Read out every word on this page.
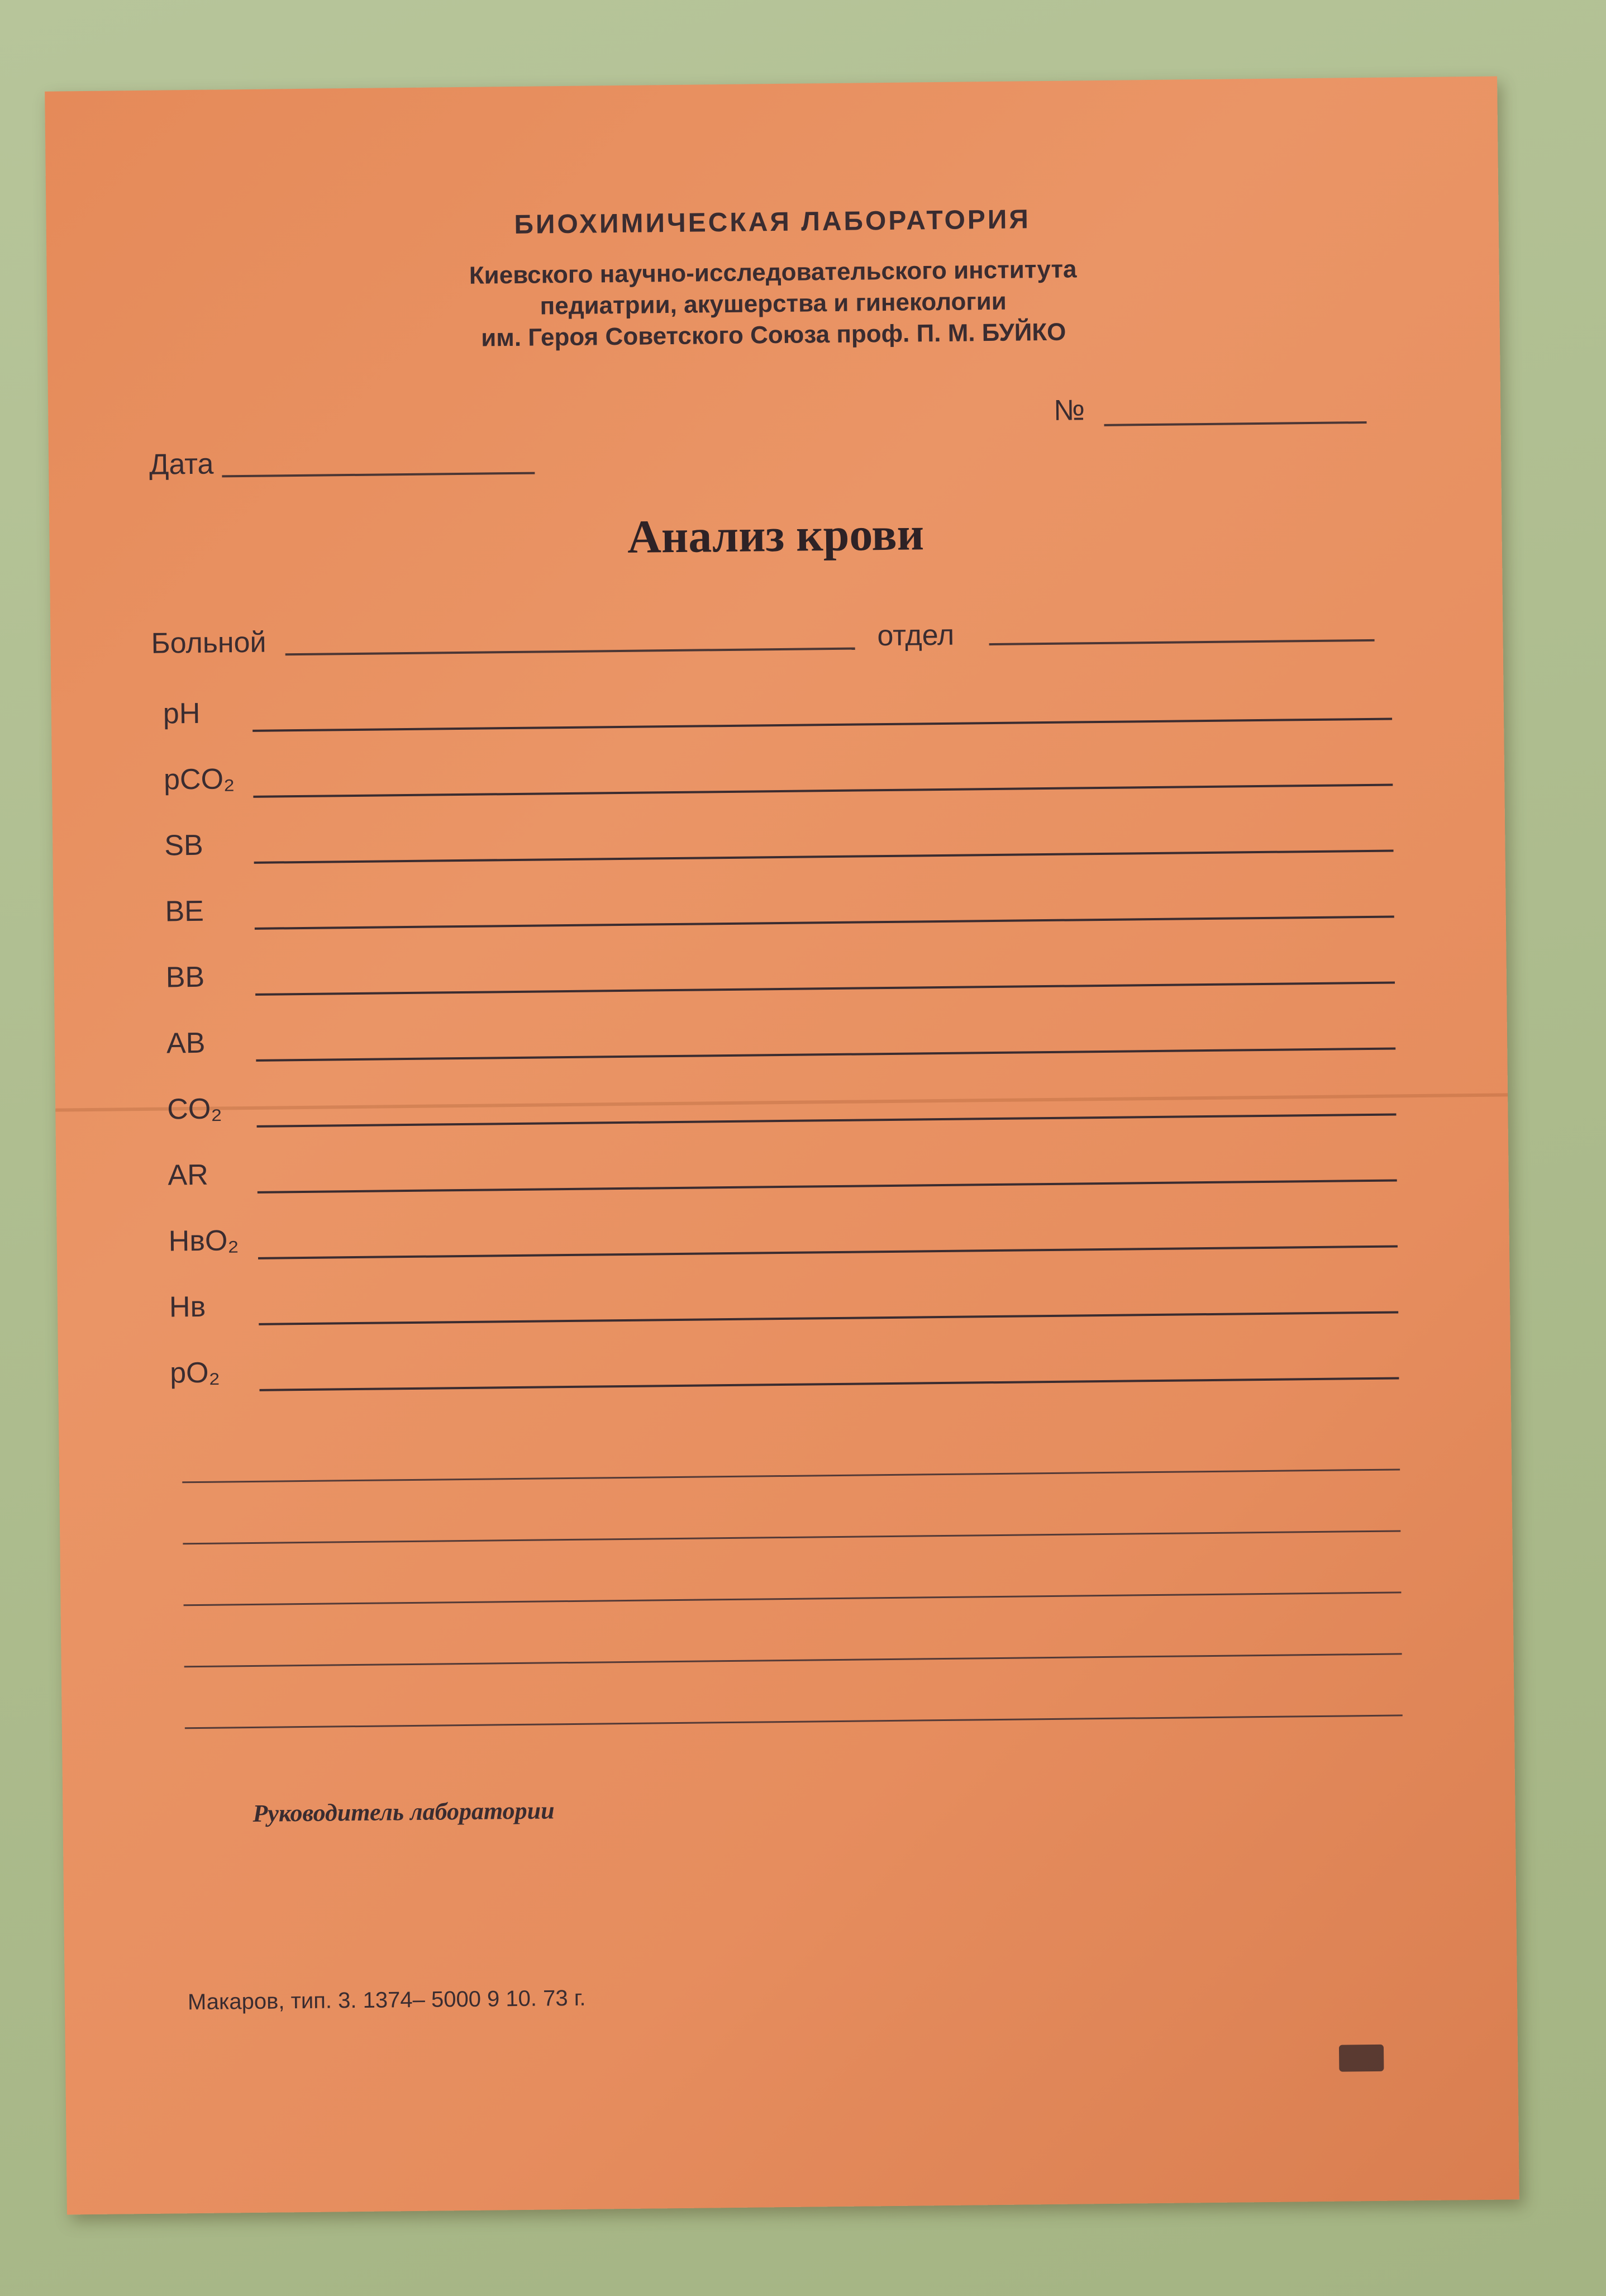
БИОХИМИЧЕСКАЯ ЛАБОРАТОРИЯ
Киевского научно-исследовательского института
педиатрии, акушерства и гинекологии
им. Героя Советского Союза проф. П. М. БУЙКО
№
Дата
Анализ крови
Больной	отдел
pH
pCO₂
SB
BE
BB
AB
CO₂
AR
HвO₂
Hв
pO₂
Руководитель лаборатории
Макаров, тип. 3. 1374– 5000 9 10. 73 г.
